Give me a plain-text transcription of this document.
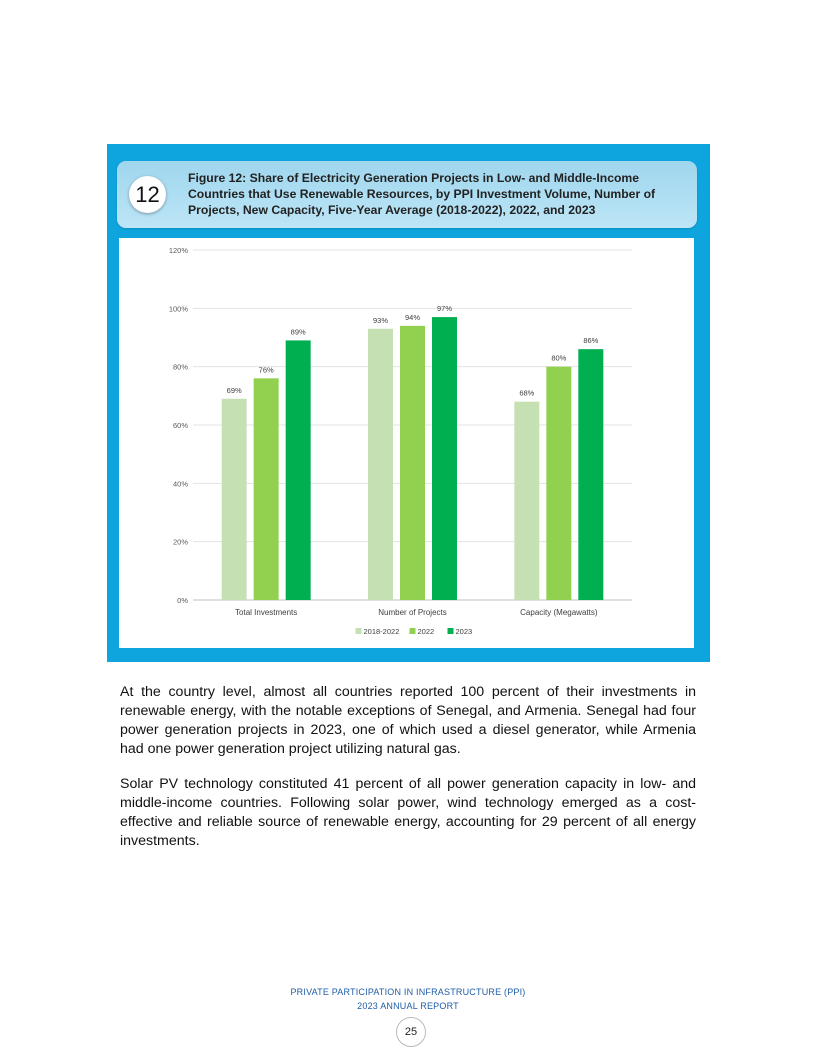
12
Figure 12: Share of Electricity Generation Projects in Low- and Middle-Income Countries that Use Renewable Resources, by PPI Investment Volume, Number of Projects, New Capacity, Five-Year Average (2018-2022), 2022, and 2023
0%
20%
40%
60%
80%
100%
120%
69%
76%
89%
Total Investments
93% 94%
97%
Number of Projects
68%
80%
86%
Capacity (Megawatts)
2018-2022 2022	2023

At the country level, almost all countries reported 100 percent of their investments in renewable energy, with the notable exceptions of Senegal, and Armenia. Senegal had four power generation projects in 2023, one of which used a diesel generator, while Armenia had one power generation project utilizing natural gas.

Solar PV technology constituted 41 percent of all power generation capacity in low- and middle-income countries. Following solar power, wind technology emerged as a cost-effective and reliable source of renewable energy, accounting for 29 percent of all energy investments.

PRIVATE PARTICIPATION IN INFRASTRUCTURE (PPI)
2023 ANNUAL REPORT
25
